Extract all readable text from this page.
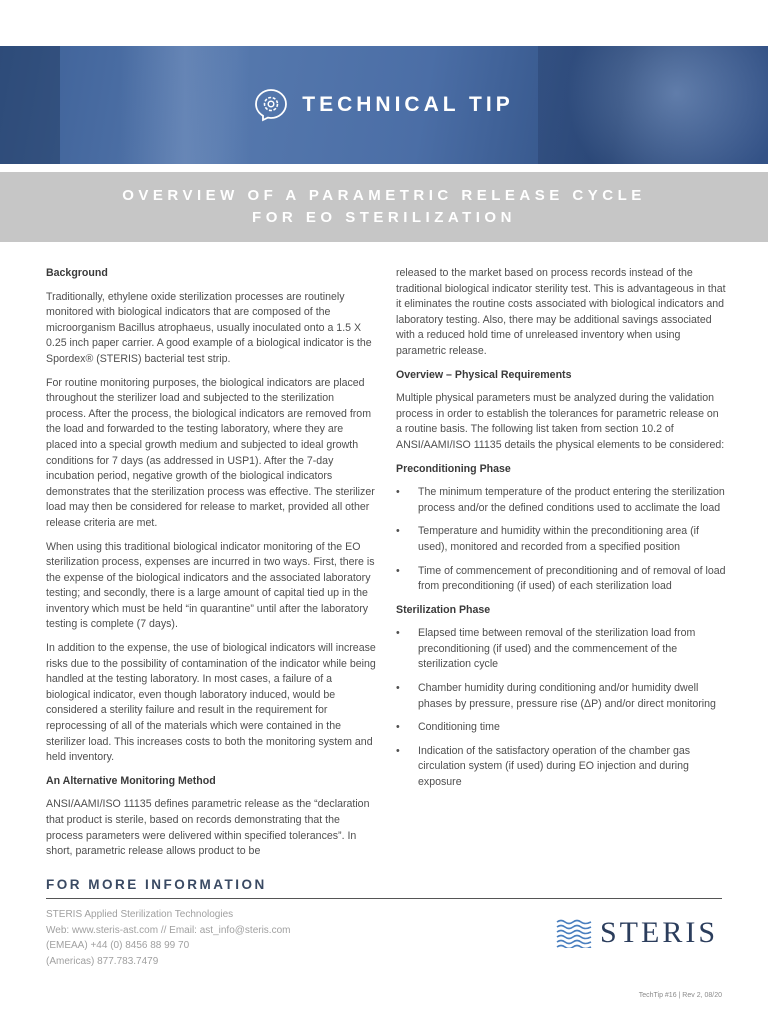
TECHNICAL TIP
OVERVIEW OF A PARAMETRIC RELEASE CYCLE
FOR EO STERILIZATION
Background

Traditionally, ethylene oxide sterilization processes are routinely monitored with biological indicators that are composed of the microorganism Bacillus atrophaeus, usually inoculated onto a 1.5 X 0.25 inch paper carrier. A good example of a biological indicator is the Spordex® (STERIS) bacterial test strip.

For routine monitoring purposes, the biological indicators are placed throughout the sterilizer load and subjected to the sterilization process. After the process, the biological indicators are removed from the load and forwarded to the testing laboratory, where they are placed into a special growth medium and subjected to ideal growth conditions for 7 days (as addressed in USP1). After the 7-day incubation period, negative growth of the biological indicators demonstrates that the sterilization process was effective. The sterilizer load may then be considered for release to market, provided all other release criteria are met.

When using this traditional biological indicator monitoring of the EO sterilization process, expenses are incurred in two ways. First, there is the expense of the biological indicators and the associated laboratory testing; and secondly, there is a large amount of capital tied up in the inventory which must be held “in quarantine” until after the laboratory testing is complete (7 days).

In addition to the expense, the use of biological indicators will increase risks due to the possibility of contamination of the indicator while being handled at the testing laboratory. In most cases, a failure of a biological indicator, even though laboratory induced, would be considered a sterility failure and result in the requirement for reprocessing of all of the materials which were contained in the sterilizer load. This increases costs to both the monitoring system and held inventory.

An Alternative Monitoring Method

ANSI/AAMI/ISO 11135 defines parametric release as the “declaration that product is sterile, based on records demonstrating that the process parameters were delivered within specified tolerances”. In short, parametric release allows product to be

released to the market based on process records instead of the traditional biological indicator sterility test. This is advantageous in that it eliminates the routine costs associated with biological indicators and laboratory testing. Also, there may be additional savings associated with a reduced hold time of unreleased inventory when using parametric release.

Overview – Physical Requirements

Multiple physical parameters must be analyzed during the validation process in order to establish the tolerances for parametric release on a routine basis. The following list taken from section 10.2 of ANSI/AAMI/ISO 11135 details the physical elements to be considered:

Preconditioning Phase
• The minimum temperature of the product entering the sterilization process and/or the defined conditions used to acclimate the load
• Temperature and humidity within the preconditioning area (if used), monitored and recorded from a specified position
• Time of commencement of preconditioning and of removal of load from preconditioning (if used) of each sterilization load
Sterilization Phase
• Elapsed time between removal of the sterilization load from preconditioning (if used) and the commencement of the sterilization cycle
• Chamber humidity during conditioning and/or humidity dwell phases by pressure, pressure rise (ΔP) and/or direct monitoring
• Conditioning time
• Indication of the satisfactory operation of the chamber gas circulation system (if used) during EO injection and during exposure
FOR MORE INFORMATION
STERIS Applied Sterilization Technologies
Web: www.steris-ast.com // Email: ast_info@steris.com
(EMEAA) +44 (0) 8456 88 99 70
(Americas) 877.783.7479
STERIS
TechTip #16 | Rev 2, 08/20
